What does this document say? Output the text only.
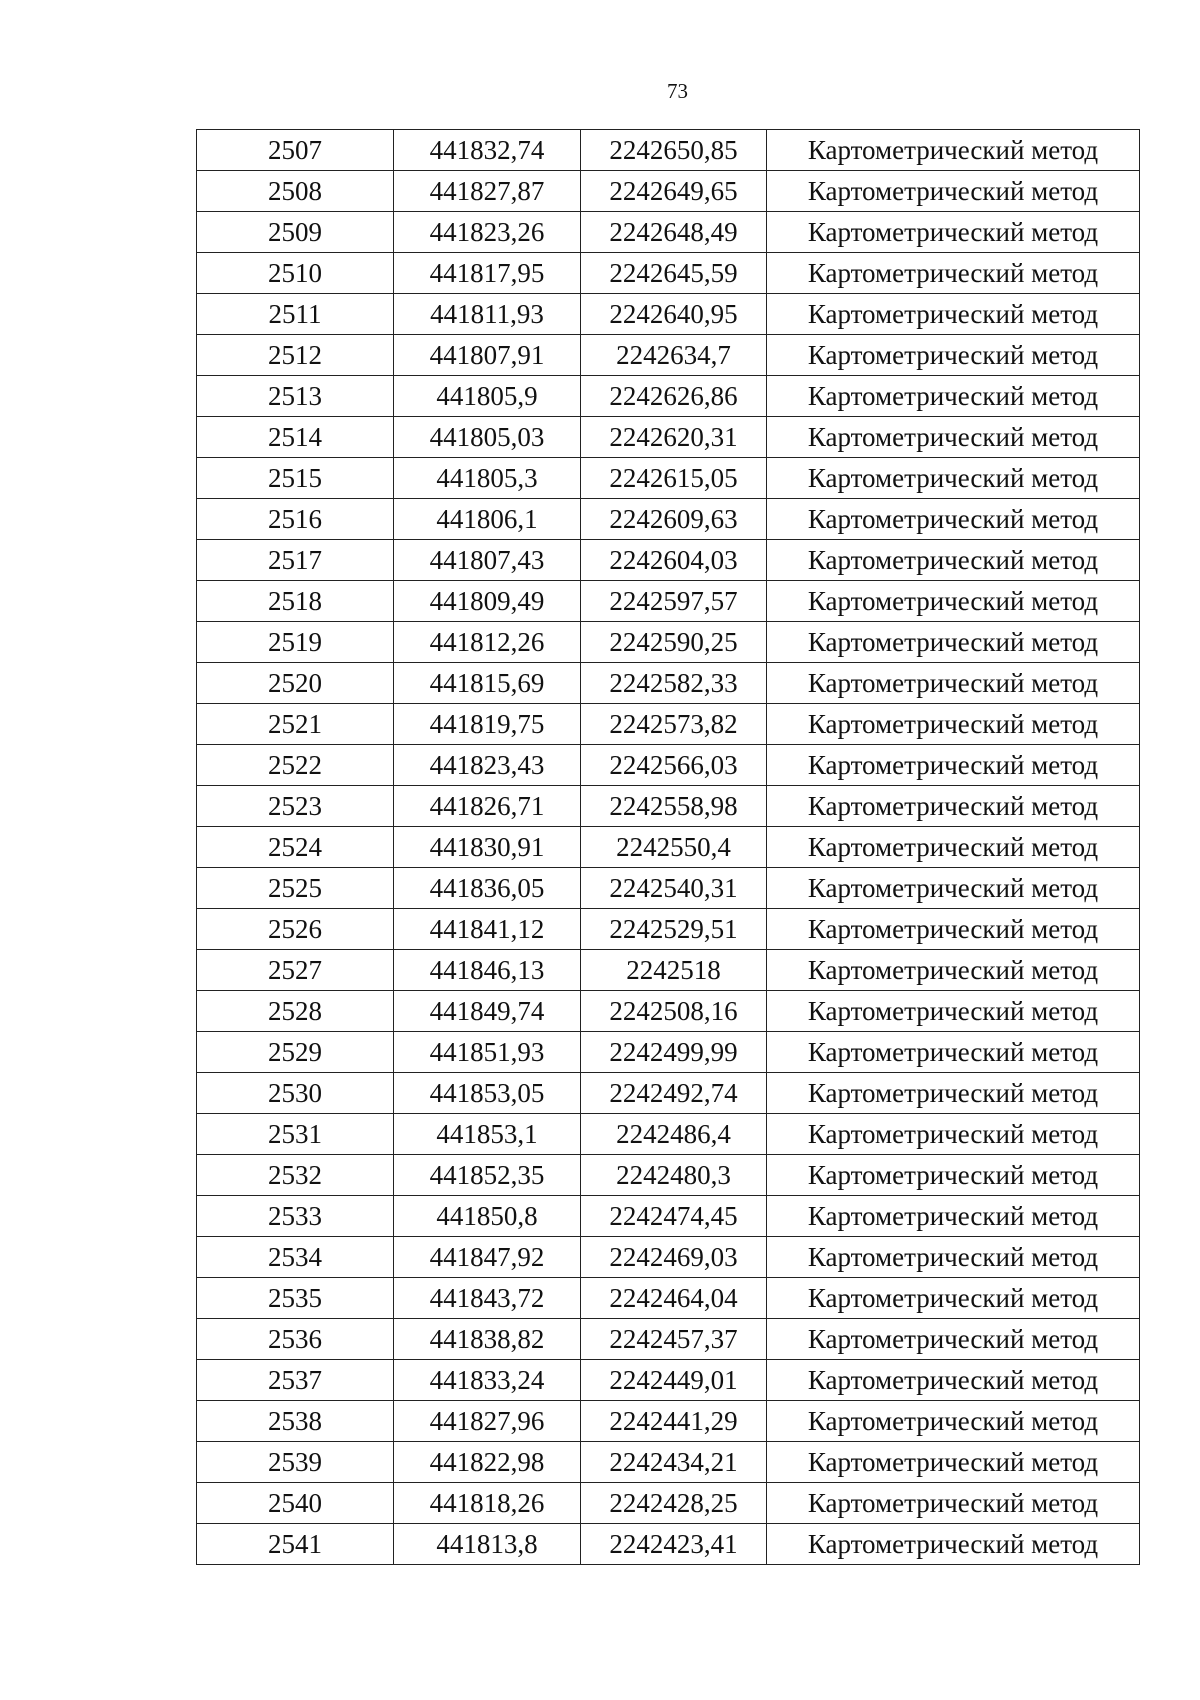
73
2507	441832,74	2242650,85	Картометрический метод
2508	441827,87	2242649,65	Картометрический метод
2509	441823,26	2242648,49	Картометрический метод
2510	441817,95	2242645,59	Картометрический метод
2511	441811,93	2242640,95	Картометрический метод
2512	441807,91	2242634,7	Картометрический метод
2513	441805,9	2242626,86	Картометрический метод
2514	441805,03	2242620,31	Картометрический метод
2515	441805,3	2242615,05	Картометрический метод
2516	441806,1	2242609,63	Картометрический метод
2517	441807,43	2242604,03	Картометрический метод
2518	441809,49	2242597,57	Картометрический метод
2519	441812,26	2242590,25	Картометрический метод
2520	441815,69	2242582,33	Картометрический метод
2521	441819,75	2242573,82	Картометрический метод
2522	441823,43	2242566,03	Картометрический метод
2523	441826,71	2242558,98	Картометрический метод
2524	441830,91	2242550,4	Картометрический метод
2525	441836,05	2242540,31	Картометрический метод
2526	441841,12	2242529,51	Картометрический метод
2527	441846,13	2242518	Картометрический метод
2528	441849,74	2242508,16	Картометрический метод
2529	441851,93	2242499,99	Картометрический метод
2530	441853,05	2242492,74	Картометрический метод
2531	441853,1	2242486,4	Картометрический метод
2532	441852,35	2242480,3	Картометрический метод
2533	441850,8	2242474,45	Картометрический метод
2534	441847,92	2242469,03	Картометрический метод
2535	441843,72	2242464,04	Картометрический метод
2536	441838,82	2242457,37	Картометрический метод
2537	441833,24	2242449,01	Картометрический метод
2538	441827,96	2242441,29	Картометрический метод
2539	441822,98	2242434,21	Картометрический метод
2540	441818,26	2242428,25	Картометрический метод
2541	441813,8	2242423,41	Картометрический метод
